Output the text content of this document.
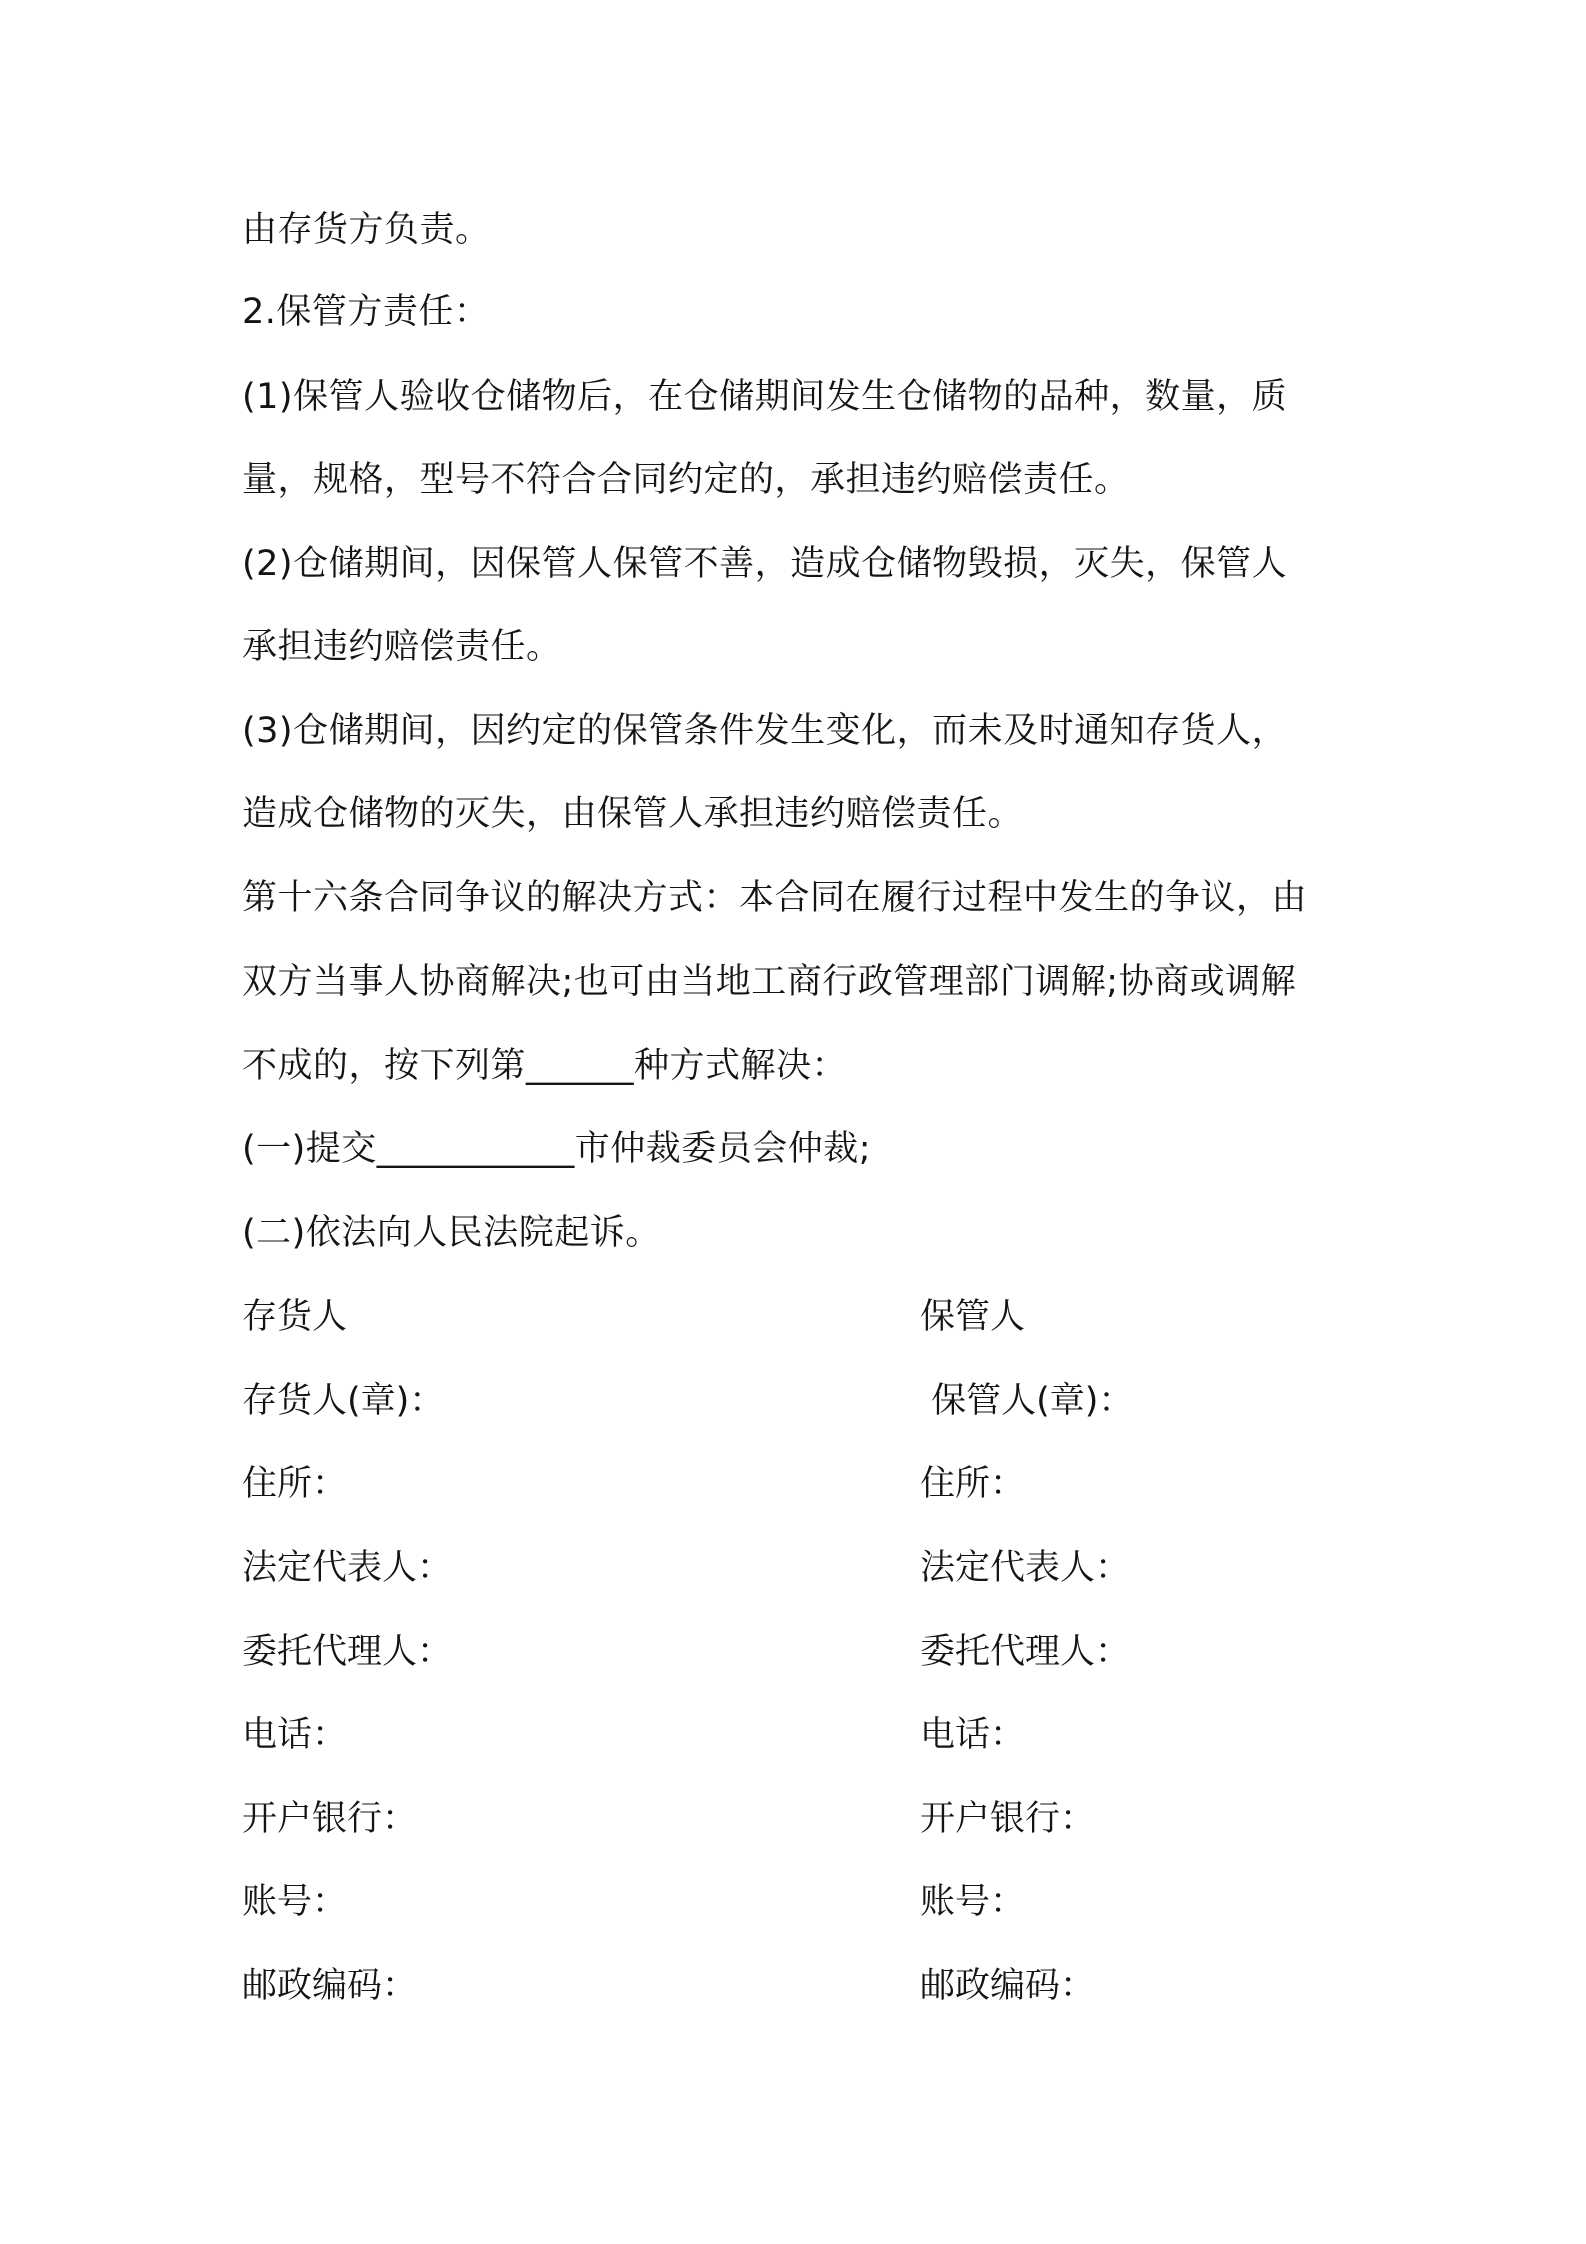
由存货方负责。
2.保管方责任：
(1)保管人验收仓储物后，在仓储期间发生仓储物的品种，数量，质
量，规格，型号不符合合同约定的，承担违约赔偿责任。
(2)仓储期间，因保管人保管不善，造成仓储物毁损，灭失，保管人
承担违约赔偿责任。
(3)仓储期间，因约定的保管条件发生变化，而未及时通知存货人，
造成仓储物的灭失，由保管人承担违约赔偿责任。
第十六条合同争议的解决方式：本合同在履行过程中发生的争议，由
双方当事人协商解决;也可由当地工商行政管理部门调解;协商或调解
不成的，按下列第______种方式解决：
(一)提交___________市仲裁委员会仲裁;
(二)依法向人民法院起诉。
存货人
存货人(章)：
住所：
法定代表人：
委托代理人：
电话：
开户银行：
账号：
邮政编码：
保管人
保管人(章)：
住所：
法定代表人：
委托代理人：
电话：
开户银行：
账号：
邮政编码：
